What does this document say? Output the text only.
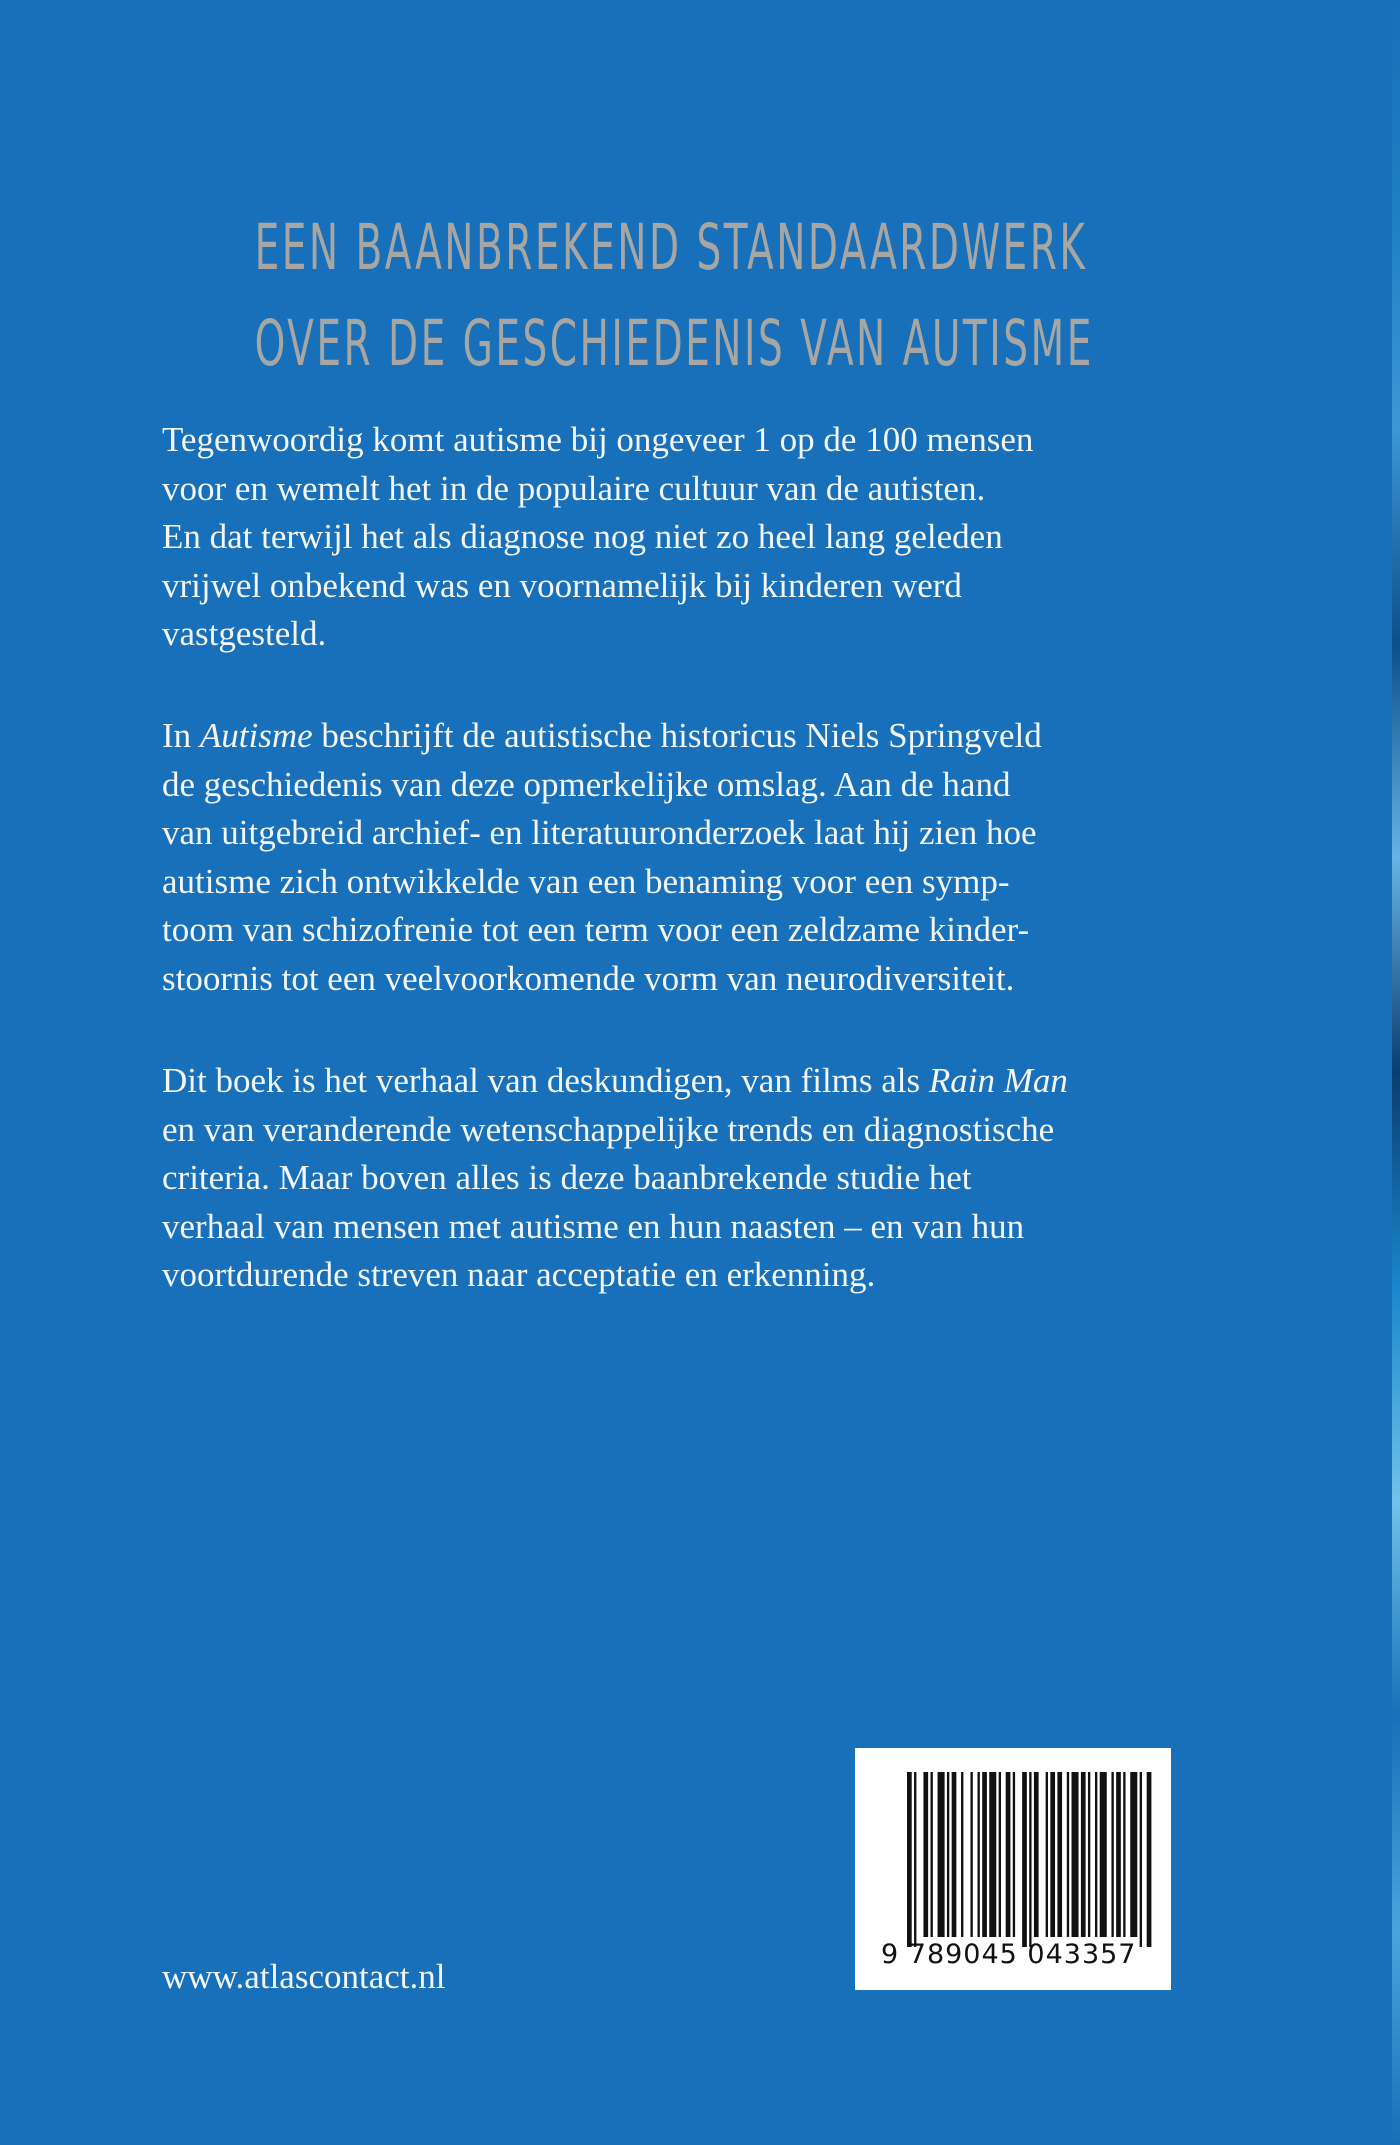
EEN BAANBREKEND STANDAARDWERK
OVER DE GESCHIEDENIS VAN AUTISME

Tegenwoordig komt autisme bij ongeveer 1 op de 100 mensen
voor en wemelt het in de populaire cultuur van de autisten.
En dat terwijl het als diagnose nog niet zo heel lang geleden
vrijwel onbekend was en voornamelijk bij kinderen werd
vastgesteld.

In Autisme beschrijft de autistische historicus Niels Springveld
de geschiedenis van deze opmerkelijke omslag. Aan de hand
van uitgebreid archief- en literatuuronderzoek laat hij zien hoe
autisme zich ontwikkelde van een benaming voor een symp-
toom van schizofrenie tot een term voor een zeldzame kinder-
stoornis tot een veelvoorkomende vorm van neurodiversiteit.

Dit boek is het verhaal van deskundigen, van films als Rain Man
en van veranderende wetenschappelijke trends en diagnostische
criteria. Maar boven alles is deze baanbrekende studie het
verhaal van mensen met autisme en hun naasten – en van hun
voortdurende streven naar acceptatie en erkenning.

www.atlascontact.nl

9 789045 043357
